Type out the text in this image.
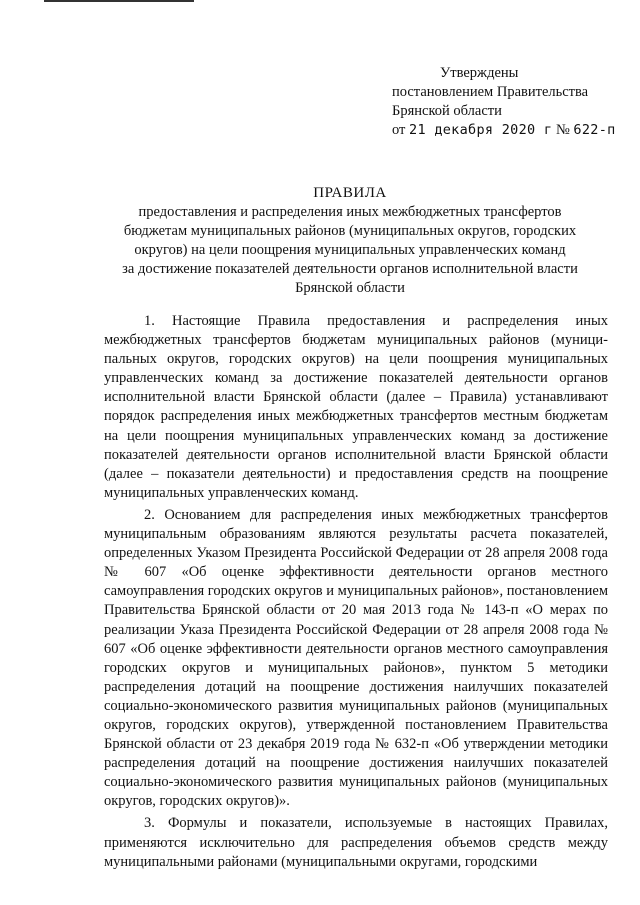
Утверждены
постановлением Правительства
Брянской области
от 21 декабря 2020 г № 622-п
ПРАВИЛА
предоставления и распределения иных межбюджетных трансфертов
бюджетам муниципальных районов (муниципальных округов, городских
округов) на цели поощрения муниципальных управленческих команд
за достижение показателей деятельности органов исполнительной власти
Брянской области

1. Настоящие Правила предоставления и распределения иных межбюджетных трансфертов бюджетам муниципальных районов (муниципальных округов, городских округов) на цели поощрения муниципальных управленческих команд за достижение показателей деятельности органов исполнительной власти Брянской области (далее – Правила) устанавливают порядок распределения иных межбюджетных трансфертов местным бюджетам на цели поощрения муниципальных управленческих команд за достижение показателей деятельности органов исполнительной власти Брянской области (далее – показатели деятельности) и предоставления средств на поощрение муниципальных управленческих команд.

2. Основанием для распределения иных межбюджетных трансфертов муниципальным образованиям являются результаты расчета показателей, определенных Указом Президента Российской Федерации от 28 апреля 2008 года № 607 «Об оценке эффективности деятельности органов местного самоуправления городских округов и муниципальных районов», постановлением Правительства Брянской области от 20 мая 2013 года № 143-п «О мерах по реализации Указа Президента Российской Федерации от 28 апреля 2008 года № 607 «Об оценке эффективности деятельности органов местного самоуправления городских округов и муниципальных районов», пунктом 5 методики распределения дотаций на поощрение достижения наилучших показателей социально-экономического развития муниципальных районов (муниципальных округов, городских округов), утвержденной постановлением Правительства Брянской области от 23 декабря 2019 года № 632-п «Об утверждении методики распределения дотаций на поощрение достижения наилучших показателей социально-экономического развития муниципальных районов (муниципальных округов, городских округов)».

3. Формулы и показатели, используемые в настоящих Правилах, применяются исключительно для распределения объемов средств между муниципальными районами (муниципальными округами, городскими
